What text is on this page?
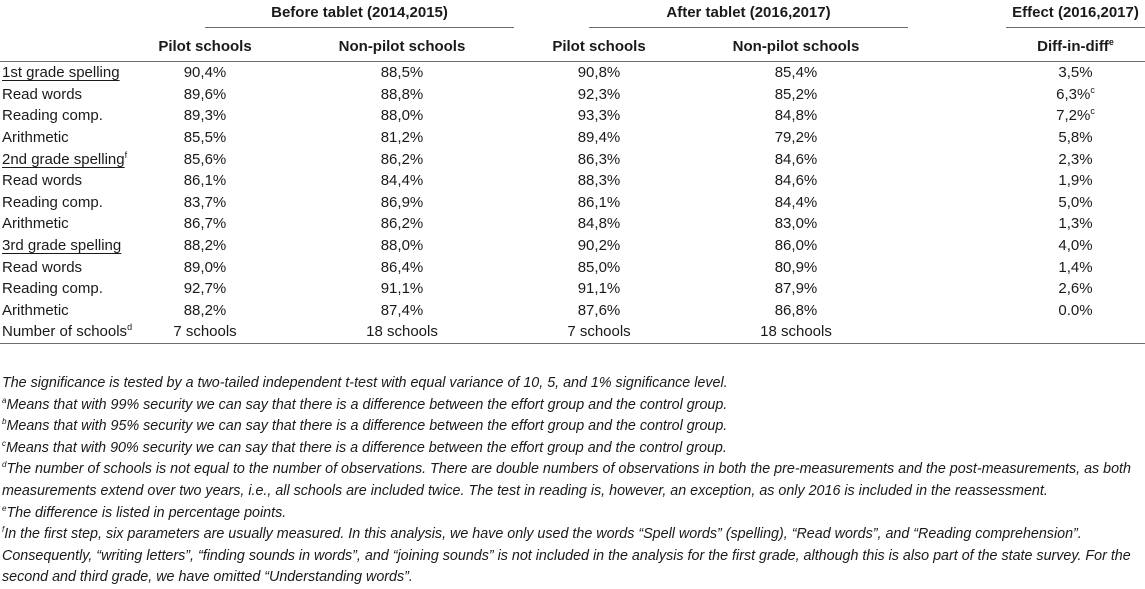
	Before tablet (2014,2015)		After tablet (2016,2017)			Effect (2016,2017)

	Pilot schools	Non-pilot schools	Pilot schools	Non-pilot schools		Diff-in-diff$^e$
1st grade spelling	90,4%	88,5%	90,8%	85,4%		3,5%
Read words	89,6%	88,8%	92,3%	85,2%		6,3%$^c$
Reading comp.	89,3%	88,0%	93,3%	84,8%		7,2%$^c$
Arithmetic	85,5%	81,2%	89,4%	79,2%		5,8%
2nd grade spelling$^f$	85,6%	86,2%	86,3%	84,6%		2,3%
Read words	86,1%	84,4%	88,3%	84,6%		1,9%
Reading comp.	83,7%	86,9%	86,1%	84,4%		5,0%
Arithmetic	86,7%	86,2%	84,8%	83,0%		1,3%
3rd grade spelling	88,2%	88,0%	90,2%	86,0%		4,0%
Read words	89,0%	86,4%	85,0%	80,9%		1,4%
Reading comp.	92,7%	91,1%	91,1%	87,9%		2,6%
Arithmetic	88,2%	87,4%	87,6%	86,8%		0.0%
Number of schools$^d$	7 schools	18 schools	7 schools	18 schools		

The significance is tested by a two-tailed independent t-test with equal variance of 10, 5, and 1% significance level.

$^a$Means that with 99% security we can say that there is a difference between the effort group and the control group.

$^b$Means that with 95% security we can say that there is a difference between the effort group and the control group.

$^c$Means that with 90% security we can say that there is a difference between the effort group and the control group.

$^d$The number of schools is not equal to the number of observations. There are double numbers of observations in both the pre-measurements and the post-measurements, as both measurements extend over two years, i.e., all schools are included twice. The test in reading is, however, an exception, as only 2016 is included in the reassessment.

$^e$The difference is listed in percentage points.

$^f$In the first step, six parameters are usually measured. In this analysis, we have only used the words “Spell words” (spelling), “Read words”, and “Reading comprehension”. Consequently, “writing letters”, “finding sounds in words”, and “joining sounds” is not included in the analysis for the first grade, although this is also part of the state survey. For the second and third grade, we have omitted “Understanding words”.
